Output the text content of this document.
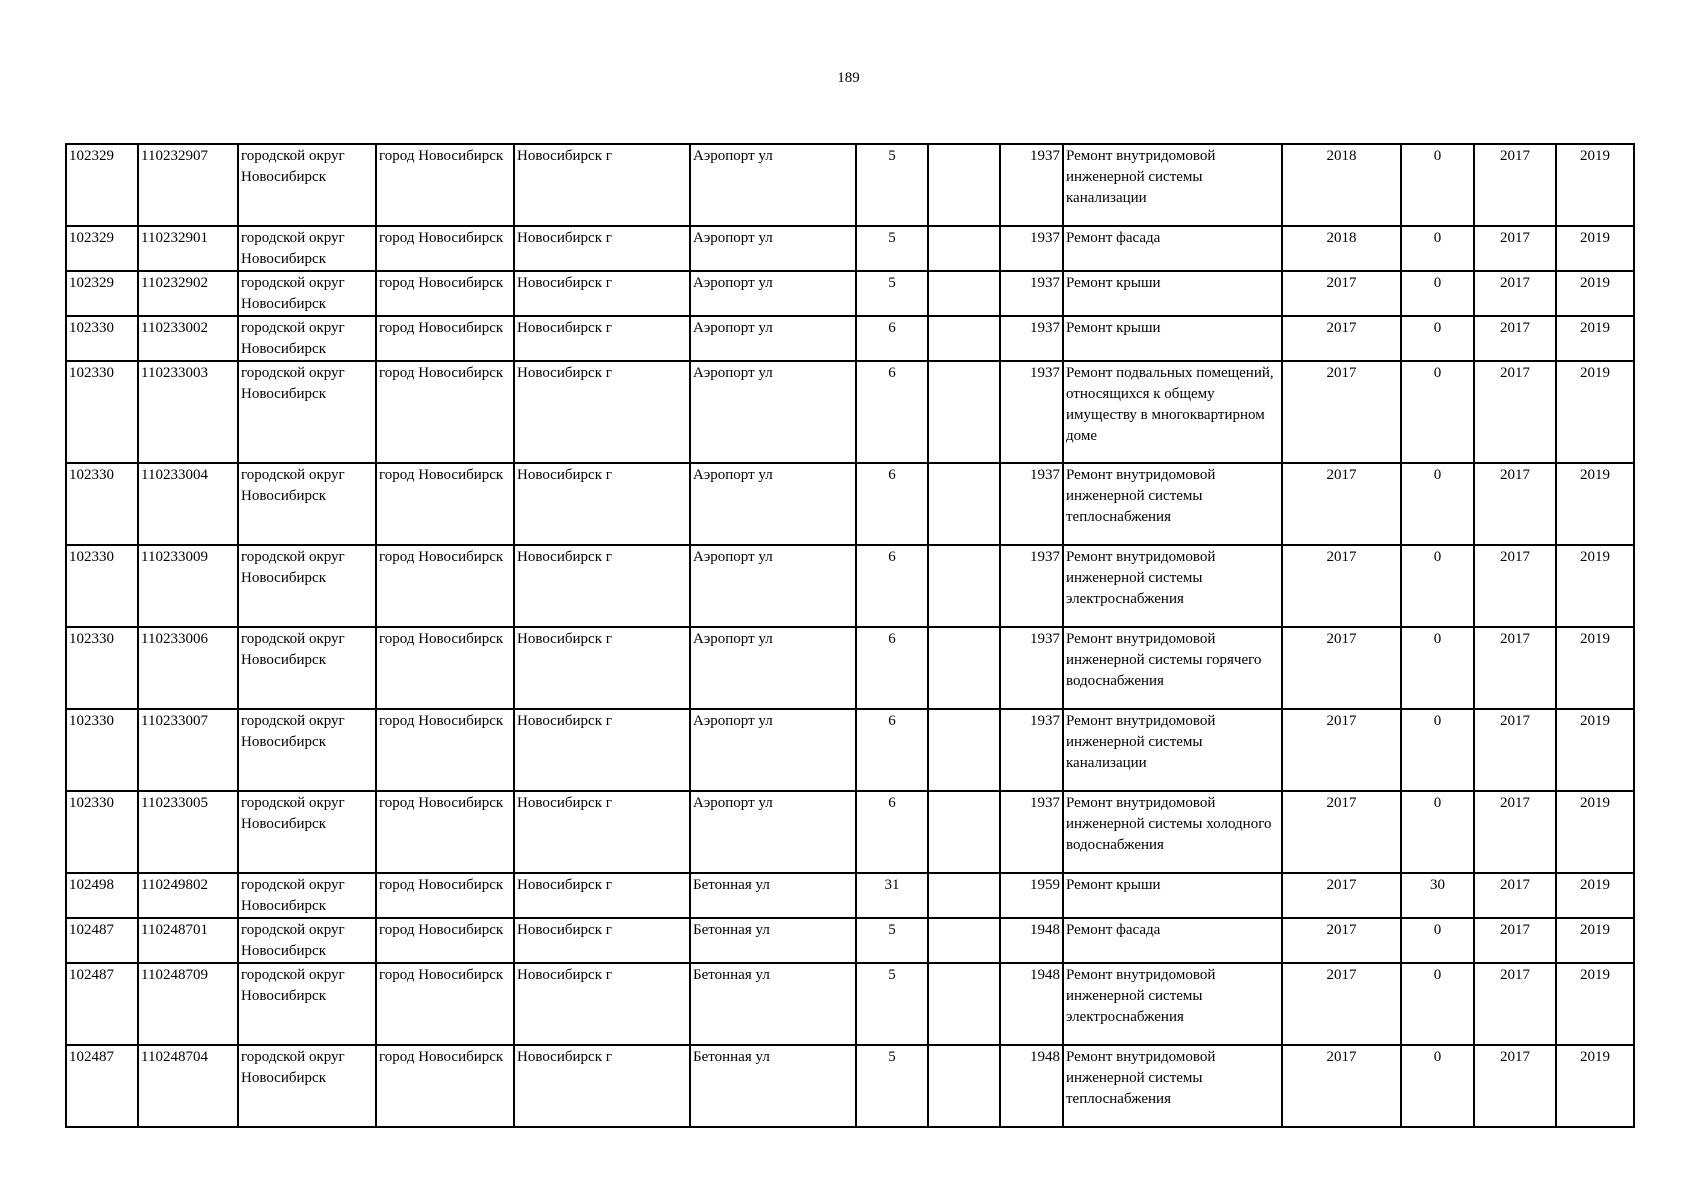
189
102329	110232907	городской округ Новосибирск	город Новосибирск	Новосибирск г	Аэропорт ул	5		1937	Ремонт внутридомовой инженерной системы канализации	2018	0	2017	2019
102329	110232901	городской округ Новосибирск	город Новосибирск	Новосибирск г	Аэропорт ул	5		1937	Ремонт фасада	2018	0	2017	2019
102329	110232902	городской округ Новосибирск	город Новосибирск	Новосибирск г	Аэропорт ул	5		1937	Ремонт крыши	2017	0	2017	2019
102330	110233002	городской округ Новосибирск	город Новосибирск	Новосибирск г	Аэропорт ул	6		1937	Ремонт крыши	2017	0	2017	2019
102330	110233003	городской округ Новосибирск	город Новосибирск	Новосибирск г	Аэропорт ул	6		1937	Ремонт подвальных помещений, относящихся к общему имуществу в многоквартирном доме	2017	0	2017	2019
102330	110233004	городской округ Новосибирск	город Новосибирск	Новосибирск г	Аэропорт ул	6		1937	Ремонт внутридомовой инженерной системы теплоснабжения	2017	0	2017	2019
102330	110233009	городской округ Новосибирск	город Новосибирск	Новосибирск г	Аэропорт ул	6		1937	Ремонт внутридомовой инженерной системы электроснабжения	2017	0	2017	2019
102330	110233006	городской округ Новосибирск	город Новосибирск	Новосибирск г	Аэропорт ул	6		1937	Ремонт внутридомовой инженерной системы горячего водоснабжения	2017	0	2017	2019
102330	110233007	городской округ Новосибирск	город Новосибирск	Новосибирск г	Аэропорт ул	6		1937	Ремонт внутридомовой инженерной системы канализации	2017	0	2017	2019
102330	110233005	городской округ Новосибирск	город Новосибирск	Новосибирск г	Аэропорт ул	6		1937	Ремонт внутридомовой инженерной системы холодного водоснабжения	2017	0	2017	2019
102498	110249802	городской округ Новосибирск	город Новосибирск	Новосибирск г	Бетонная ул	31		1959	Ремонт крыши	2017	30	2017	2019
102487	110248701	городской округ Новосибирск	город Новосибирск	Новосибирск г	Бетонная ул	5		1948	Ремонт фасада	2017	0	2017	2019
102487	110248709	городской округ Новосибирск	город Новосибирск	Новосибирск г	Бетонная ул	5		1948	Ремонт внутридомовой инженерной системы электроснабжения	2017	0	2017	2019
102487	110248704	городской округ Новосибирск	город Новосибирск	Новосибирск г	Бетонная ул	5		1948	Ремонт внутридомовой инженерной системы теплоснабжения	2017	0	2017	2019
